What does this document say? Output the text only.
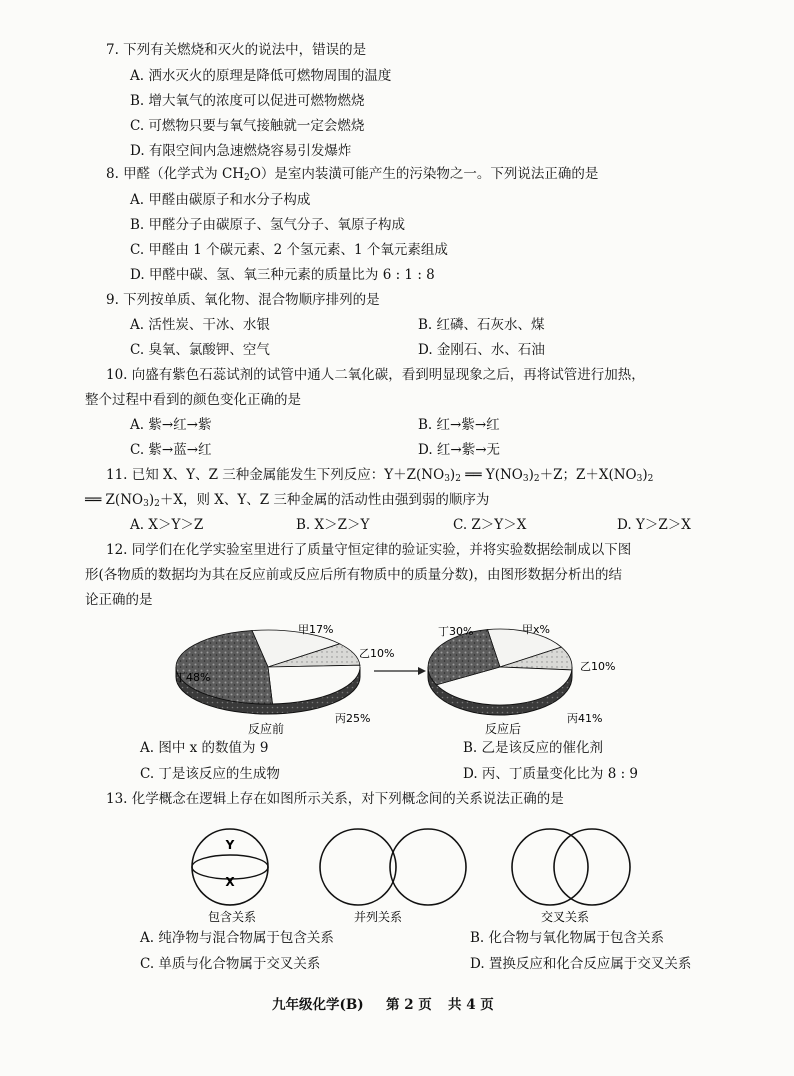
7. 下列有关燃烧和灭火的说法中，错误的是
A. 洒水灭火的原理是降低可燃物周围的温度
B. 增大氧气的浓度可以促进可燃物燃烧
C. 可燃物只要与氧气接触就一定会燃烧
D. 有限空间内急速燃烧容易引发爆炸
8. 甲醛（化学式为 $CH_2O$）是室内装潢可能产生的污染物之一。下列说法正确的是
A. 甲醛由碳原子和水分子构成
B. 甲醛分子由碳原子、氢气分子、氧原子构成
C. 甲醛由 1 个碳元素、2 个氢元素、1 个氧元素组成
D. 甲醛中碳、氢、氧三种元素的质量比为 6 : 1 : 8
9. 下列按单质、氧化物、混合物顺序排列的是
A. 活性炭、干冰、水银	B. 红磷、石灰水、煤
C. 臭氧、氯酸钾、空气	D. 金刚石、水、石油
10. 向盛有紫色石蕊试剂的试管中通人二氧化碳，看到明显现象之后，再将试管进行加热，
整个过程中看到的颜色变化正确的是
A. 紫→红→紫	B. 红→紫→红
C. 紫→蓝→红	D. 红→紫→无
11. 已知 X、Y、Z 三种金属能发生下列反应：$Y+Z(NO_3)_2$ ══ $Y(NO_3)_2+Z$；$Z+X(NO_3)_2$
══ $Z(NO_3)_2+X$，则 X、Y、Z 三种金属的活动性由强到弱的顺序为
A. X＞Y＞Z	B. X＞Z＞Y	C. Z＞Y＞X	D. Y＞Z＞X
12. 同学们在化学实验室里进行了质量守恒定律的验证实验，并将实验数据绘制成以下图
形(各物质的数据均为其在反应前或反应后所有物质中的质量分数)，由图形数据分析出的结
论正确的是
甲17%
乙10%
丙25%
丁48%
反应前
甲x%
乙10%
丙41%
丁30%
反应后
A. 图中 x 的数值为 9	B. 乙是该反应的催化剂
C. 丁是该反应的生成物	D. 丙、丁质量变化比为 8 : 9
13. 化学概念在逻辑上存在如图所示关系，对下列概念间的关系说法正确的是
Y
X
包含关系	并列关系	交叉关系
A. 纯净物与混合物属于包含关系	B. 化合物与氧化物属于包含关系
C. 单质与化合物属于交叉关系	D. 置换反应和化合反应属于交叉关系
九年级化学(B) 第 2 页 共 4 页
